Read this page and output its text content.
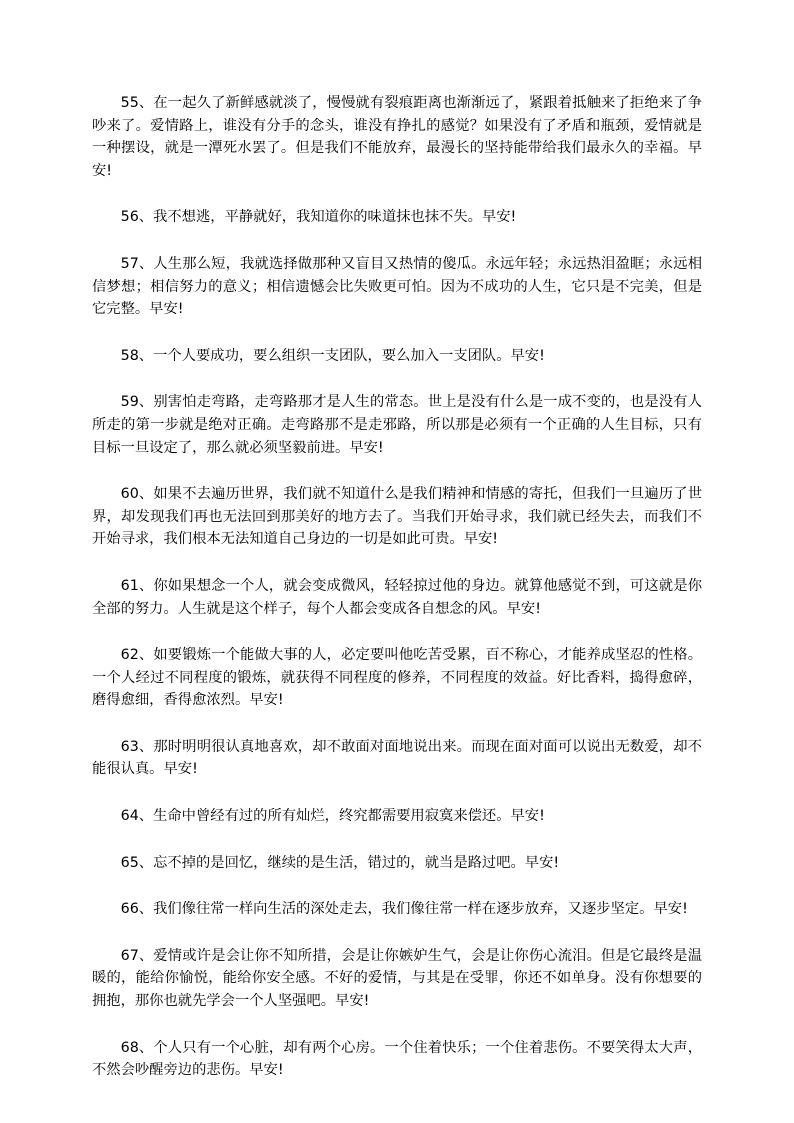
55、在一起久了新鲜感就淡了，慢慢就有裂痕距离也渐渐远了，紧跟着抵触来了拒绝来了争吵来了。爱情路上，谁没有分手的念头，谁没有挣扎的感觉？如果没有了矛盾和瓶颈，爱情就是一种摆设，就是一潭死水罢了。但是我们不能放弃，最漫长的坚持能带给我们最永久的幸福。早安!

56、我不想逃，平静就好，我知道你的味道抹也抹不失。早安!

57、人生那么短，我就选择做那种又盲目又热情的傻瓜。永远年轻；永远热泪盈眶；永远相信梦想；相信努力的意义；相信遗憾会比失败更可怕。因为不成功的人生，它只是不完美，但是它完整。早安!

58、一个人要成功，要么组织一支团队，要么加入一支团队。早安!

59、别害怕走弯路，走弯路那才是人生的常态。世上是没有什么是一成不变的，也是没有人所走的第一步就是绝对正确。走弯路那不是走邪路，所以那是必须有一个正确的人生目标，只有目标一旦设定了，那么就必须坚毅前进。早安!

60、如果不去遍历世界，我们就不知道什么是我们精神和情感的寄托，但我们一旦遍历了世界，却发现我们再也无法回到那美好的地方去了。当我们开始寻求，我们就已经失去，而我们不开始寻求，我们根本无法知道自己身边的一切是如此可贵。早安!

61、你如果想念一个人，就会变成微风，轻轻掠过他的身边。就算他感觉不到，可这就是你全部的努力。人生就是这个样子，每个人都会变成各自想念的风。早安!

62、如要锻炼一个能做大事的人，必定要叫他吃苦受累，百不称心，才能养成坚忍的性格。一个人经过不同程度的锻炼，就获得不同程度的修养，不同程度的效益。好比香料，捣得愈碎，磨得愈细，香得愈浓烈。早安!

63、那时明明很认真地喜欢，却不敢面对面地说出来。而现在面对面可以说出无数爱，却不能很认真。早安!

64、生命中曾经有过的所有灿烂，终究都需要用寂寞来偿还。早安!

65、忘不掉的是回忆，继续的是生活，错过的，就当是路过吧。早安!

66、我们像往常一样向生活的深处走去，我们像往常一样在逐步放弃，又逐步坚定。早安!

67、爱情或许是会让你不知所措，会是让你嫉妒生气，会是让你伤心流泪。但是它最终是温暖的，能给你愉悦，能给你安全感。不好的爱情，与其是在受罪，你还不如单身。没有你想要的拥抱，那你也就先学会一个人坚强吧。早安!

68、个人只有一个心脏，却有两个心房。一个住着快乐；一个住着悲伤。不要笑得太大声，不然会吵醒旁边的悲伤。早安!
